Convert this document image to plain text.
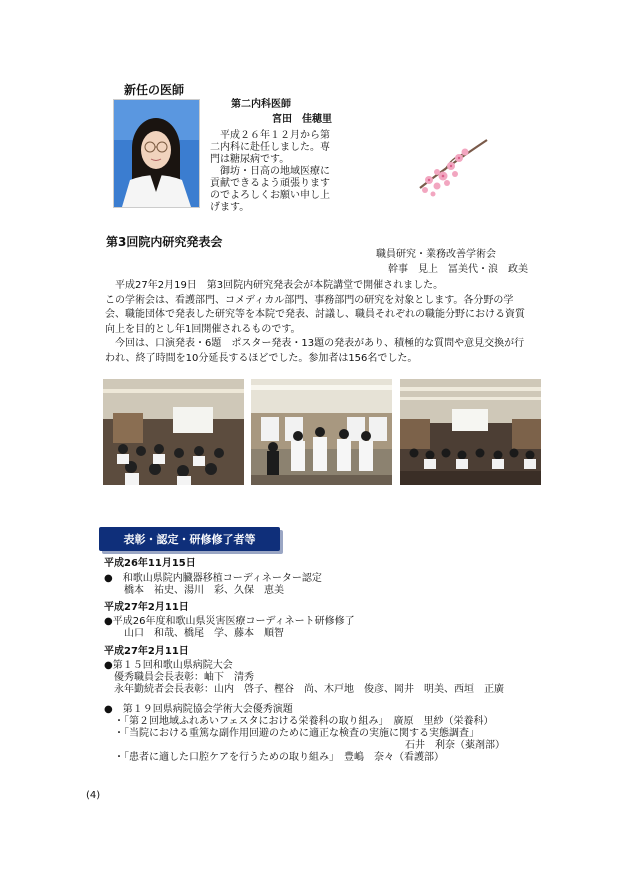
新任の医師
第二内科医師
宮田　佳穂里
　平成２６年１２月から第
二内科に赴任しました。専
門は糖尿病です。
　御坊・日高の地域医療に
貢献できるよう頑張ります
のでよろしくお願い申し上
げます。
第3回院内研究発表会
職員研究・業務改善学術会
幹事　見上　冨美代・浪　政美
　平成27年2月19日　第3回院内研究発表会が本院講堂で開催されました。
この学術会は、看護部門、コメディカル部門、事務部門の研究を対象とします。各分野の学
会、職能団体で発表した研究等を本院で発表、討議し、職員それぞれの職能分野における資質
向上を目的とし年1回開催されるものです。
　今回は、口演発表・6題　ポスター発表・13題の発表があり、積極的な質問や意見交換が行
われ、終了時間を10分延長するほどでした。参加者は156名でした。
表彰・認定・研修修了者等
平成26年11月15日
●　和歌山県院内臓器移植コーディネーター認定
　　橋本　祐史、湯川　彩、久保　恵美
平成27年2月11日
●平成26年度和歌山県災害医療コーディネート研修修了
　　山口　和哉、橋尾　学、藤本　順智
平成27年2月11日
●第１５回和歌山県病院大会
　優秀職員会長表彰：岫下　清秀
　永年勤続者会長表彰：山内　啓子、樫谷　尚、木戸地　俊彦、岡井　明美、西垣　正廣
●　第１９回県病院協会学術大会優秀演題
・「第２回地域ふれあいフェスタにおける栄養科の取り組み」　廣原　里紗（栄養科）
・「当院における重篤な副作用回避のために適正な検査の実施に関する実態調査」
石井　利奈（薬剤部）
・「患者に適した口腔ケアを行うための取り組み」　豊嶋　奈々（看護部）
(4)
